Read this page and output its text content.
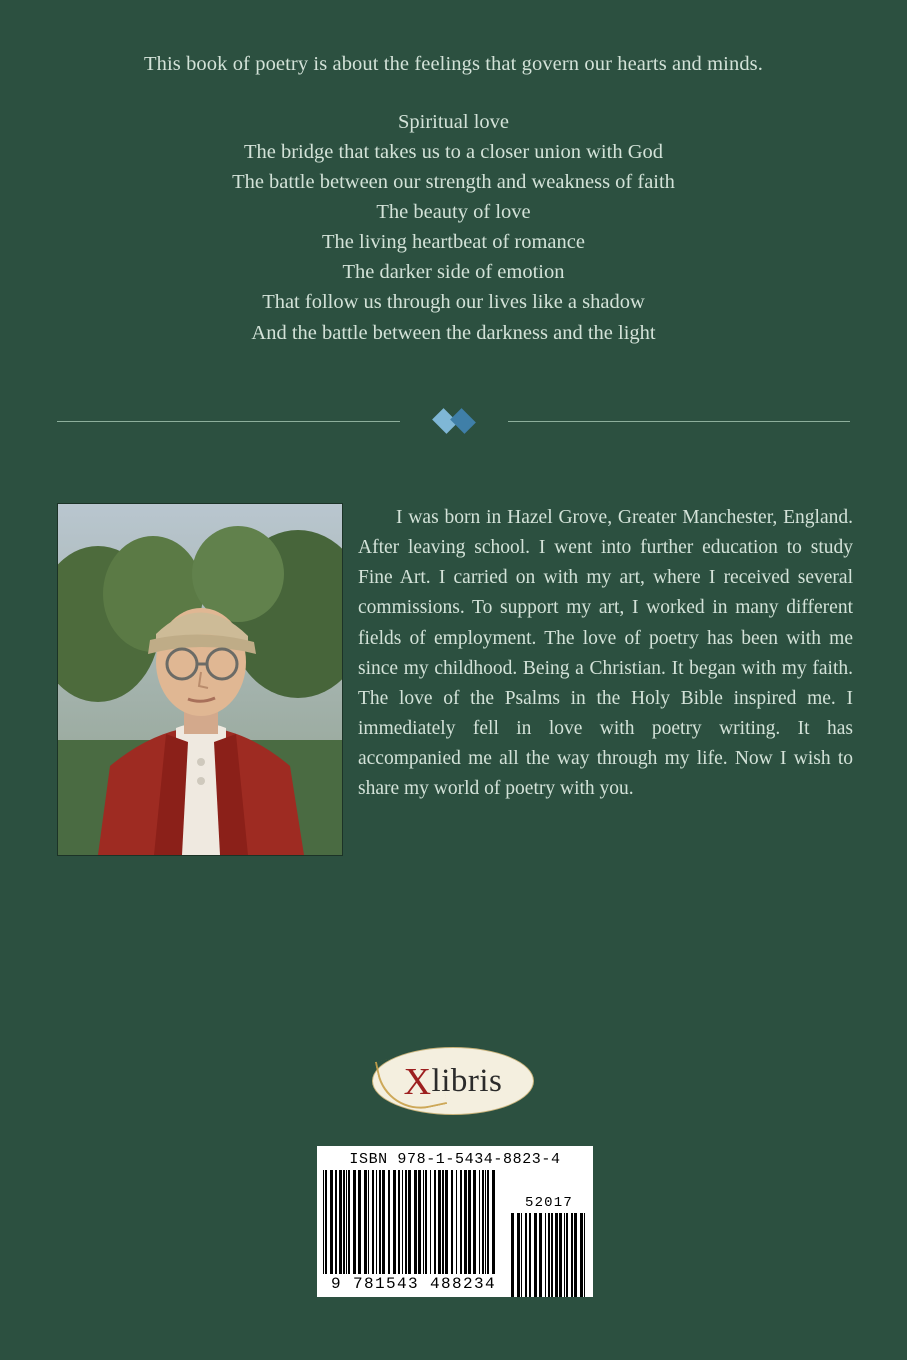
This book of poetry is about the feelings that govern our hearts and minds.
Spiritual love
The bridge that takes us to a closer union with God
The battle between our strength and weakness of faith
The beauty of love
The living heartbeat of romance
The darker side of emotion
That follow us through our lives like a shadow
And the battle between the darkness and the light
I was born in Hazel Grove, Greater Manchester, England. After leaving school. I went into further education to study Fine Art. I carried on with my art, where I received several commissions. To support my art, I worked in many different fields of employment. The love of poetry has been with me since my childhood. Being a Christian. It began with my faith. The love of the Psalms in the Holy Bible inspired me. I immediately fell in love with poetry writing. It has accompanied me all the way through my life. Now I wish to share my world of poetry with you.
X libris
ISBN 978-1-5434-8823-4
9 781543 488234
52017
